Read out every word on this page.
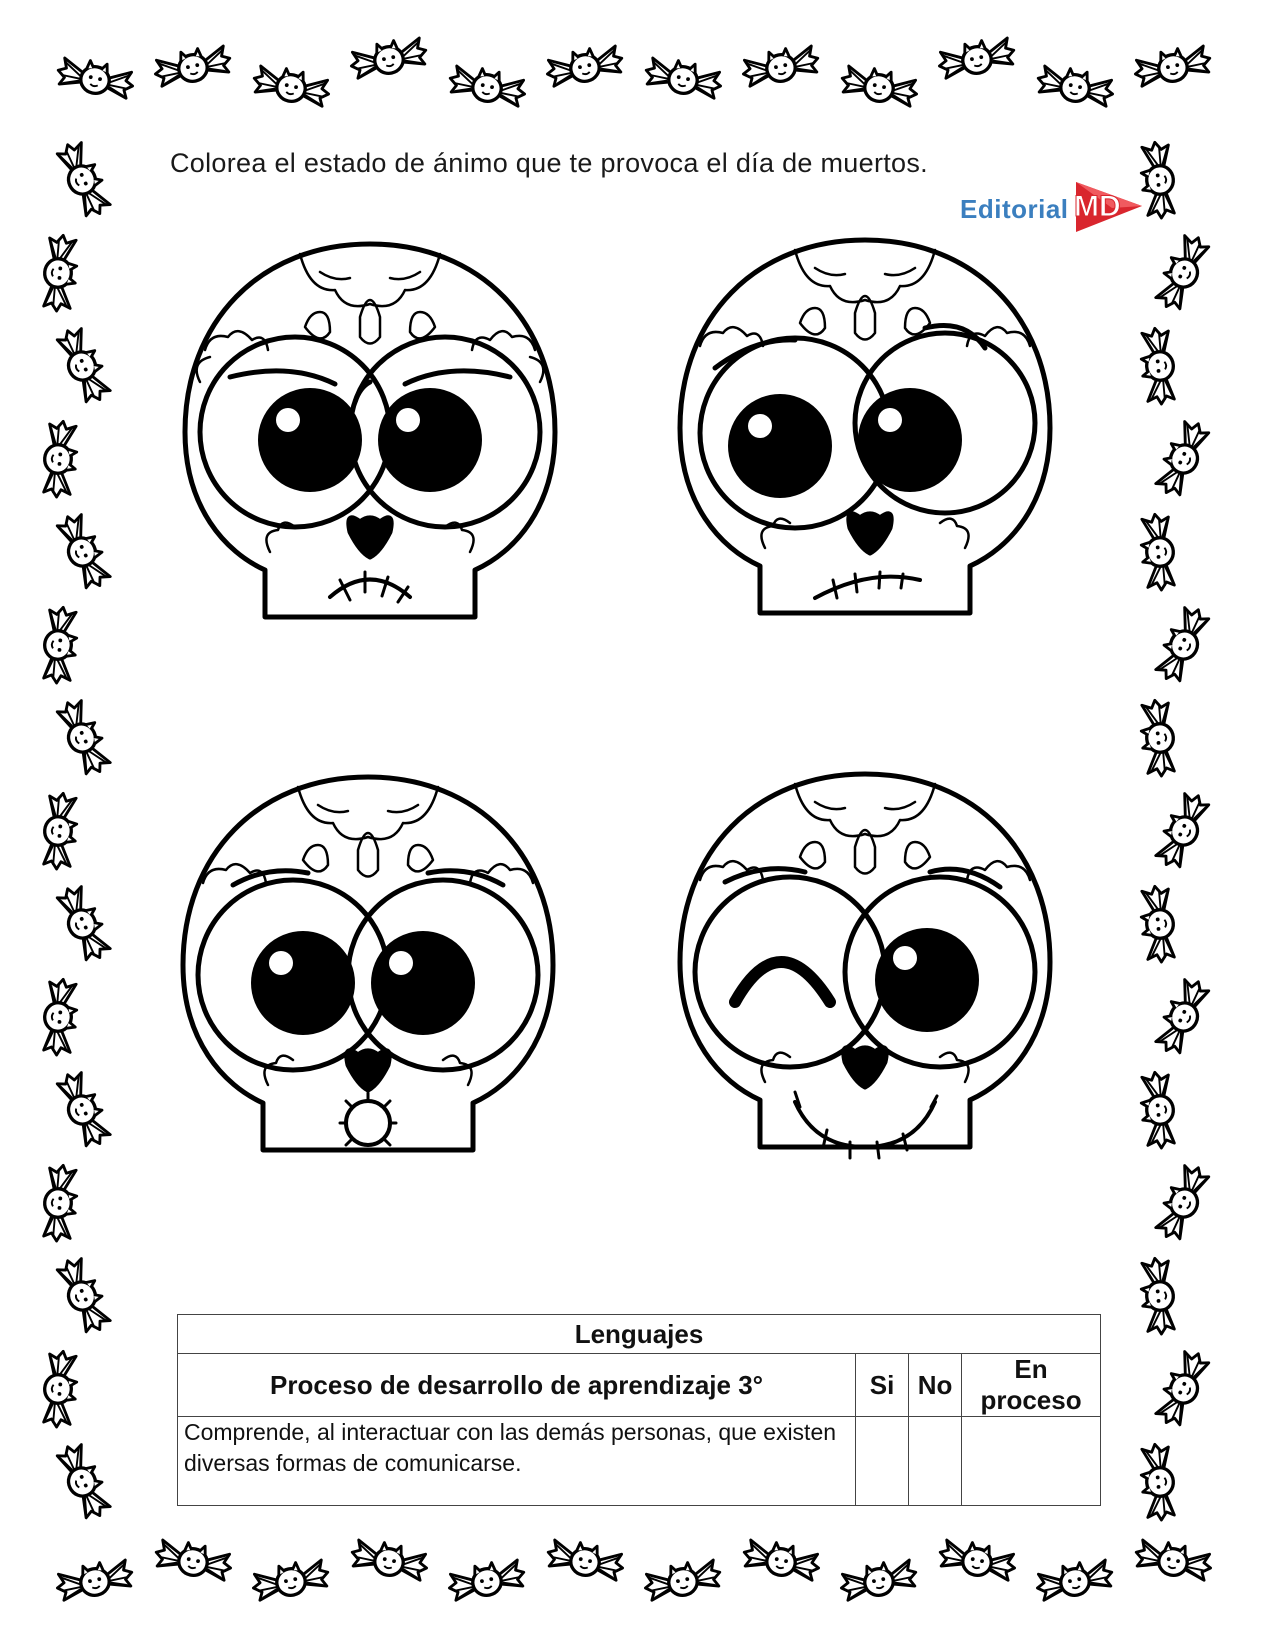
Colorea el estado de ánimo que te provoca el día de muertos.
Editorial MD
Lenguajes			
Proceso de desarrollo de aprendizaje 3°	Si	No	En proceso
Comprende, al interactuar con las demás personas, que existen diversas formas de comunicarse.			
